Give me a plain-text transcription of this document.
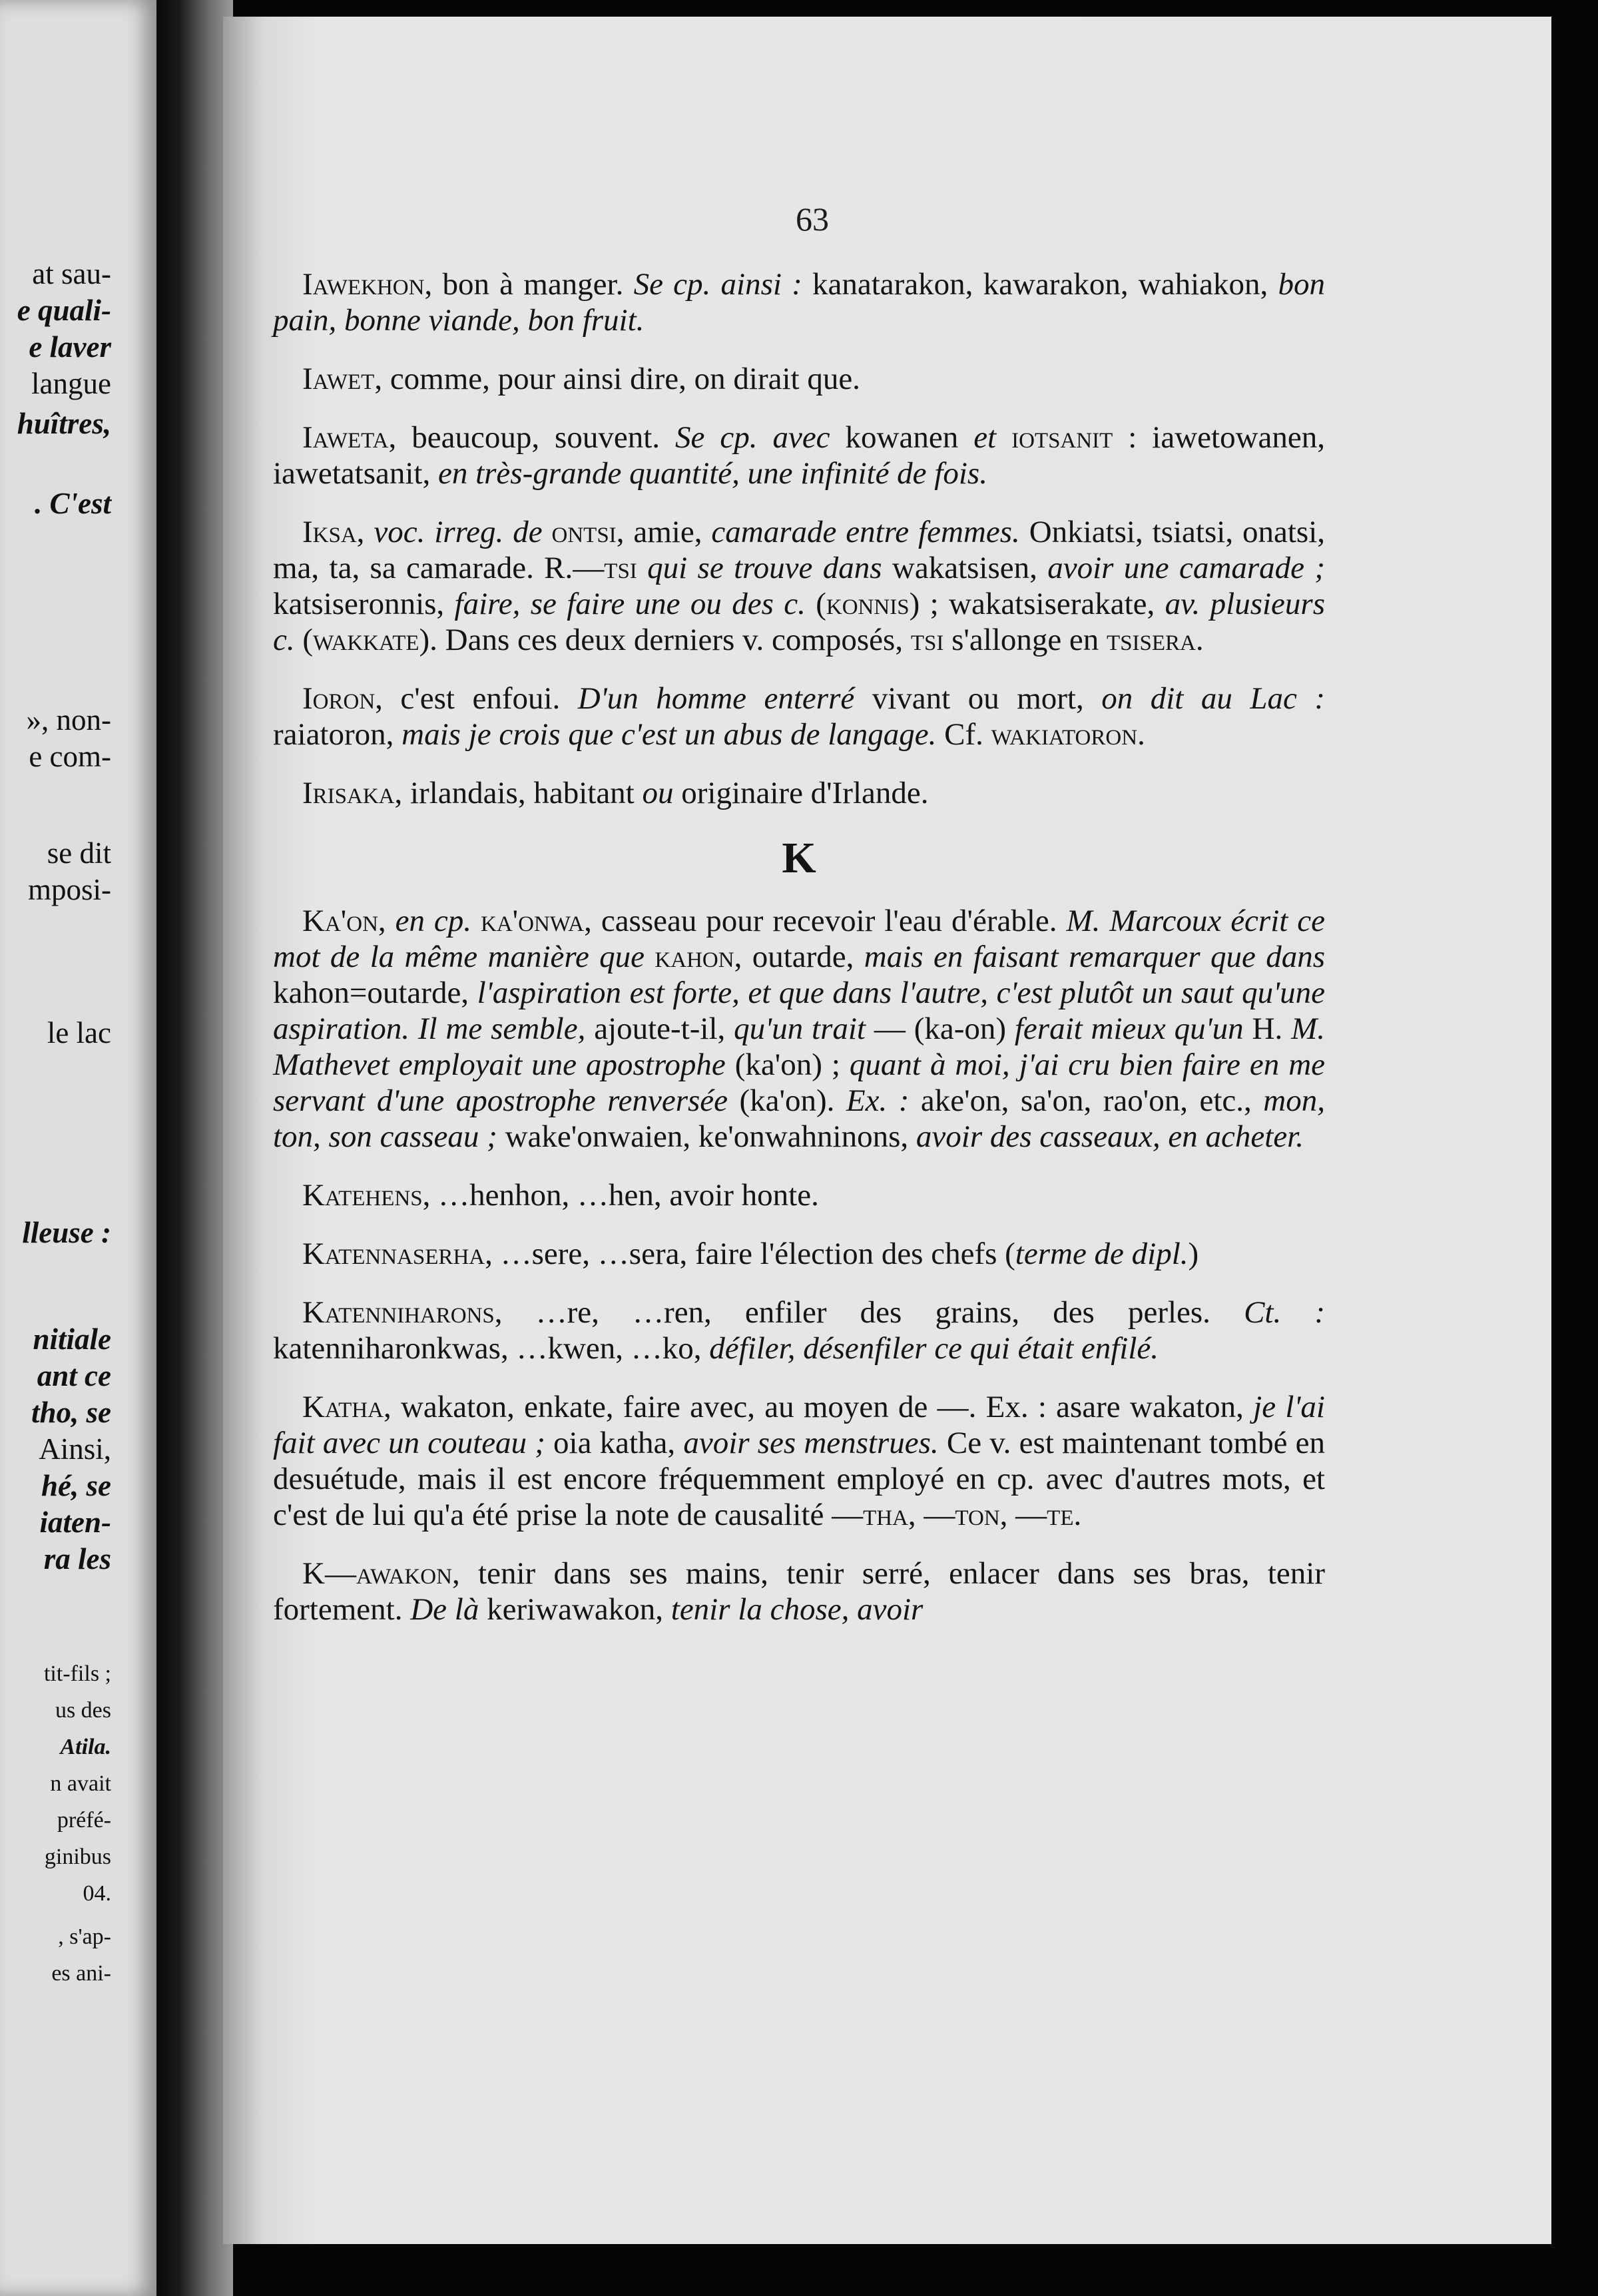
at sau-
e quali-
e laver
langue
huîtres,
. C'est
», non-
e com-
se dit
mposi-
le lac
lleuse :
nitiale
ant ce
tho, se
Ainsi,
hé, se
iaten-
ra les
tit-fils ;
us des
Atila.
n avait
préfé-
ginibus
04.
, s'ap-
es ani-
63

Iawekhon, bon à manger. Se cp. ainsi : kanatarakon, kawarakon, wahiakon, bon pain, bonne viande, bon fruit.

Iawet, comme, pour ainsi dire, on dirait que.

Iaweta, beaucoup, souvent. Se cp. avec kowanen et iotsanit : iawetowanen, iawetatsanit, en très-grande quantité, une infinité de fois.

Iksa, voc. irreg. de ontsi, amie, camarade entre femmes. Onkiatsi, tsiatsi, onatsi, ma, ta, sa camarade. R.—tsi qui se trouve dans wakatsisen, avoir une camarade ; katsiseronnis, faire, se faire une ou des c. (konnis) ; wakatsiserakate, av. plusieurs c. (wakkate). Dans ces deux derniers v. composés, tsi s'allonge en tsisera.

Ioron, c'est enfoui. D'un homme enterré vivant ou mort, on dit au Lac : raiatoron, mais je crois que c'est un abus de langage. Cf. wakiatoron.

Irisaka, irlandais, habitant ou originaire d'Irlande.

K

Ka'on, en cp. ka'onwa, casseau pour recevoir l'eau d'érable. M. Marcoux écrit ce mot de la même manière que kahon, outarde, mais en faisant remarquer que dans kahon=outarde, l'aspiration est forte, et que dans l'autre, c'est plutôt un saut qu'une aspiration. Il me semble, ajoute-t-il, qu'un trait — (ka-on) ferait mieux qu'un H. M. Mathevet employait une apostrophe (ka'on) ; quant à moi, j'ai cru bien faire en me servant d'une apostrophe renversée (ka'on). Ex. : ake'on, sa'on, rao'on, etc., mon, ton, son casseau ; wake'onwaien, ke'onwahninons, avoir des casseaux, en acheter.

Katehens, …henhon, …hen, avoir honte.

Katennaserha, …sere, …sera, faire l'élection des chefs (terme de dipl.)

Katenniharons, …re, …ren, enfiler des grains, des perles. Ct. : katenniharonkwas, …kwen, …ko, défiler, désenfiler ce qui était enfilé.

Katha, wakaton, enkate, faire avec, au moyen de —. Ex. : asare wakaton, je l'ai fait avec un couteau ; oia katha, avoir ses menstrues. Ce v. est maintenant tombé en desuétude, mais il est encore fréquemment employé en cp. avec d'autres mots, et c'est de lui qu'a été prise la note de causalité —tha, —ton, —te.

K—awakon, tenir dans ses mains, tenir serré, enlacer dans ses bras, tenir fortement. De là keriwawakon, tenir la chose, avoir
